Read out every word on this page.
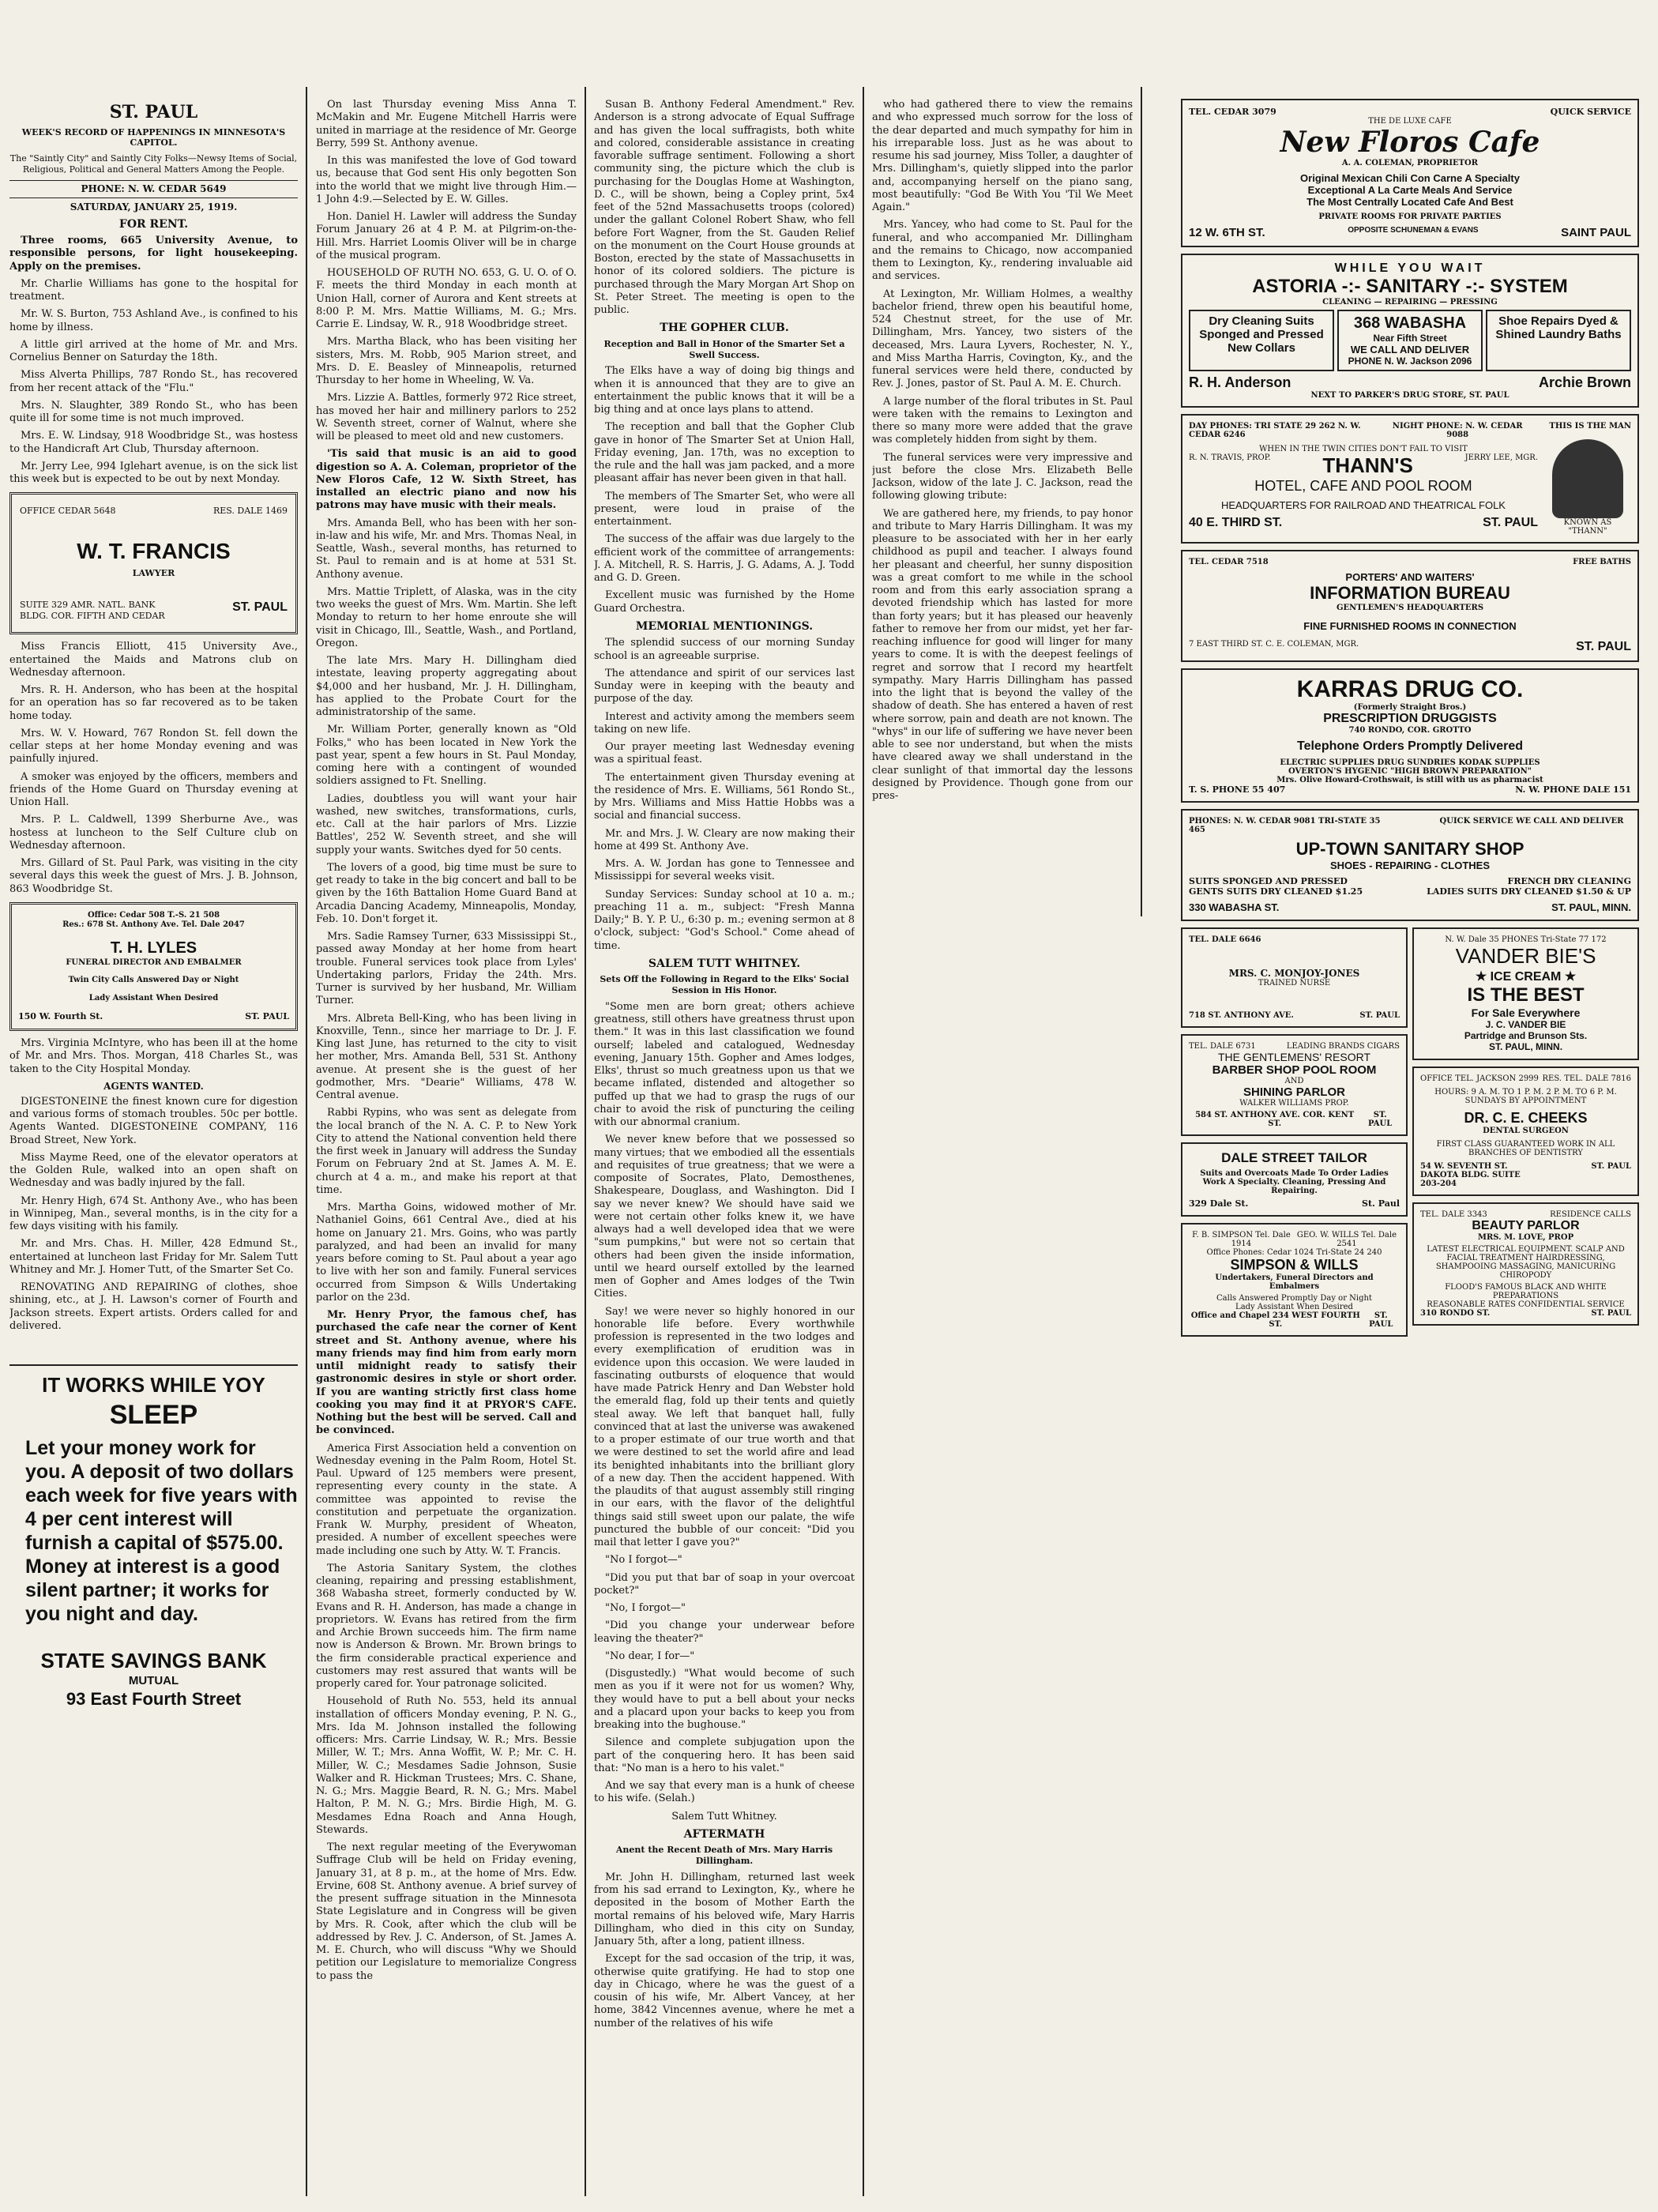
ST. PAUL
WEEK'S RECORD OF HAPPENINGS IN MINNESOTA'S CAPITOL.
The "Saintly City" and Saintly City Folks—Newsy Items of Social, Religious, Political and General Matters Among the People.
PHONE: N. W. CEDAR 5649
SATURDAY, JANUARY 25, 1919.
FOR RENT.

Three rooms, 665 University Avenue, to responsible persons, for light housekeeping. Apply on the premises.

Mr. Charlie Williams has gone to the hospital for treatment.

Mr. W. S. Burton, 753 Ashland Ave., is confined to his home by illness.

A little girl arrived at the home of Mr. and Mrs. Cornelius Benner on Saturday the 18th.

Miss Alverta Phillips, 787 Rondo St., has recovered from her recent attack of the "Flu."

Mrs. N. Slaughter, 389 Rondo St., who has been quite ill for some time is not much improved.

Mrs. E. W. Lindsay, 918 Woodbridge St., was hostess to the Handicraft Art Club, Thursday afternoon.

Mr. Jerry Lee, 994 Iglehart avenue, is on the sick list this week but is expected to be out by next Monday.

OFFICE CEDAR 5648	RES. DALE 1469
W. T. FRANCIS
LAWYER
SUITE 329 AMR. NATL. BANK BLDG. COR. FIFTH AND CEDAR
ST. PAUL

Miss Francis Elliott, 415 University Ave., entertained the Maids and Matrons club on Wednesday afternoon.

Mrs. R. H. Anderson, who has been at the hospital for an operation has so far recovered as to be taken home today.

Mrs. W. V. Howard, 767 Rondon St. fell down the cellar steps at her home Monday evening and was painfully injured.

A smoker was enjoyed by the officers, members and friends of the Home Guard on Thursday evening at Union Hall.

Mrs. P. L. Caldwell, 1399 Sherburne Ave., was hostess at luncheon to the Self Culture club on Wednesday afternoon.

Mrs. Gillard of St. Paul Park, was visiting in the city several days this week the guest of Mrs. J. B. Johnson, 863 Woodbridge St.

Office: Cedar 508 T.-S. 21 508
Res.: 678 St. Anthony Ave. Tel. Dale 2047
T. H. LYLES
FUNERAL DIRECTOR AND EMBALMER
Twin City Calls Answered Day or Night
Lady Assistant When Desired
150 W. Fourth St.	ST. PAUL

Mrs. Virginia McIntyre, who has been ill at the home of Mr. and Mrs. Thos. Morgan, 418 Charles St., was taken to the City Hospital Monday.

AGENTS WANTED.

DIGESTONEINE the finest known cure for digestion and various forms of stomach troubles. 50c per bottle. Agents Wanted. DIGESTONEINE COMPANY, 116 Broad Street, New York.

Miss Mayme Reed, one of the elevator operators at the Golden Rule, walked into an open shaft on Wednesday and was badly injured by the fall.

Mr. Henry High, 674 St. Anthony Ave., who has been in Winnipeg, Man., several months, is in the city for a few days visiting with his family.

Mr. and Mrs. Chas. H. Miller, 428 Edmund St., entertained at luncheon last Friday for Mr. Salem Tutt Whitney and Mr. J. Homer Tutt, of the Smarter Set Co.

RENOVATING AND REPAIRING of clothes, shoe shining, etc., at J. H. Lawson's corner of Fourth and Jackson streets. Expert artists. Orders called for and delivered.

IT WORKS WHILE YOY
SLEEP
Let your money work for you. A deposit of two dollars each week for five years with 4 per cent interest will furnish a capital of $575.00. Money at interest is a good silent partner; it works for you night and day.
STATE SAVINGS BANK
MUTUAL
93 East Fourth Street

On last Thursday evening Miss Anna T. McMakin and Mr. Eugene Mitchell Harris were united in marriage at the residence of Mr. George Berry, 599 St. Anthony avenue.

In this was manifested the love of God toward us, because that God sent His only begotten Son into the world that we might live through Him.—1 John 4:9.—Selected by E. W. Gilles.

Hon. Daniel H. Lawler will address the Sunday Forum January 26 at 4 P. M. at Pilgrim-on-the-Hill. Mrs. Harriet Loomis Oliver will be in charge of the musical program.

HOUSEHOLD OF RUTH NO. 653, G. U. O. of O. F. meets the third Monday in each month at Union Hall, corner of Aurora and Kent streets at 8:00 P. M. Mrs. Mattie Williams, M. G.; Mrs. Carrie E. Lindsay, W. R., 918 Woodbridge street.

Mrs. Martha Black, who has been visiting her sisters, Mrs. M. Robb, 905 Marion street, and Mrs. D. E. Beasley of Minneapolis, returned Thursday to her home in Wheeling, W. Va.

Mrs. Lizzie A. Battles, formerly 972 Rice street, has moved her hair and millinery parlors to 252 W. Seventh street, corner of Walnut, where she will be pleased to meet old and new customers.

'Tis said that music is an aid to good digestion so A. A. Coleman, proprietor of the New Floros Cafe, 12 W. Sixth Street, has installed an electric piano and now his patrons may have music with their meals.

Mrs. Amanda Bell, who has been with her son-in-law and his wife, Mr. and Mrs. Thomas Neal, in Seattle, Wash., several months, has returned to St. Paul to remain and is at home at 531 St. Anthony avenue.

Mrs. Mattie Triplett, of Alaska, was in the city two weeks the guest of Mrs. Wm. Martin. She left Monday to return to her home enroute she will visit in Chicago, Ill., Seattle, Wash., and Portland, Oregon.

The late Mrs. Mary H. Dillingham died intestate, leaving property aggregating about $4,000 and her husband, Mr. J. H. Dillingham, has applied to the Probate Court for the administratorship of the same.

Mr. William Porter, generally known as "Old Folks," who has been located in New York the past year, spent a few hours in St. Paul Monday, coming here with a contingent of wounded soldiers assigned to Ft. Snelling.

Ladies, doubtless you will want your hair washed, new switches, transformations, curls, etc. Call at the hair parlors of Mrs. Lizzie Battles', 252 W. Seventh street, and she will supply your wants. Switches dyed for 50 cents.

The lovers of a good, big time must be sure to get ready to take in the big concert and ball to be given by the 16th Battalion Home Guard Band at Arcadia Dancing Academy, Minneapolis, Monday, Feb. 10. Don't forget it.

Mrs. Sadie Ramsey Turner, 633 Mississippi St., passed away Monday at her home from heart trouble. Funeral services took place from Lyles' Undertaking parlors, Friday the 24th. Mrs. Turner is survived by her husband, Mr. William Turner.

Mrs. Albreta Bell-King, who has been living in Knoxville, Tenn., since her marriage to Dr. J. F. King last June, has returned to the city to visit her mother, Mrs. Amanda Bell, 531 St. Anthony avenue. At present she is the guest of her godmother, Mrs. "Dearie" Williams, 478 W. Central avenue.

Rabbi Rypins, who was sent as delegate from the local branch of the N. A. C. P. to New York City to attend the National convention held there the first week in January will address the Sunday Forum on February 2nd at St. James A. M. E. church at 4 a. m., and make his report at that time.

Mrs. Martha Goins, widowed mother of Mr. Nathaniel Goins, 661 Central Ave., died at his home on January 21. Mrs. Goins, who was partly paralyzed, and had been an invalid for many years before coming to St. Paul about a year ago to live with her son and family. Funeral services occurred from Simpson & Wills Undertaking parlor on the 23d.

Mr. Henry Pryor, the famous chef, has purchased the cafe near the corner of Kent street and St. Anthony avenue, where his many friends may find him from early morn until midnight ready to satisfy their gastronomic desires in style or short order. If you are wanting strictly first class home cooking you may find it at PRYOR'S CAFE. Nothing but the best will be served. Call and be convinced.

America First Association held a convention on Wednesday evening in the Palm Room, Hotel St. Paul. Upward of 125 members were present, representing every county in the state. A committee was appointed to revise the constitution and perpetuate the organization. Frank W. Murphy, president of Wheaton, presided. A number of excellent speeches were made including one such by Atty. W. T. Francis.

The Astoria Sanitary System, the clothes cleaning, repairing and pressing establishment, 368 Wabasha street, formerly conducted by W. Evans and R. H. Anderson, has made a change in proprietors. W. Evans has retired from the firm and Archie Brown succeeds him. The firm name now is Anderson & Brown. Mr. Brown brings to the firm considerable practical experience and customers may rest assured that wants will be properly cared for. Your patronage solicited.

Household of Ruth No. 553, held its annual installation of officers Monday evening, P. N. G., Mrs. Ida M. Johnson installed the following officers: Mrs. Carrie Lindsay, W. R.; Mrs. Bessie Miller, W. T.; Mrs. Anna Woffit, W. P.; Mr. C. H. Miller, W. C.; Mesdames Sadie Johnson, Susie Walker and R. Hickman Trustees; Mrs. C. Shane, N. G.; Mrs. Maggie Beard, R. N. G.; Mrs. Mabel Halton, P. M. N. G.; Mrs. Birdie High, M. G. Mesdames Edna Roach and Anna Hough, Stewards.

The next regular meeting of the Everywoman Suffrage Club will be held on Friday evening, January 31, at 8 p. m., at the home of Mrs. Edw. Ervine, 608 St. Anthony avenue. A brief survey of the present suffrage situation in the Minnesota State Legislature and in Congress will be given by Mrs. R. Cook, after which the club will be addressed by Rev. J. C. Anderson, of St. James A. M. E. Church, who will discuss "Why we Should petition our Legislature to memorialize Congress to pass the

Susan B. Anthony Federal Amendment." Rev. Anderson is a strong advocate of Equal Suffrage and has given the local suffragists, both white and colored, considerable assistance in creating favorable suffrage sentiment. Following a short community sing, the picture which the club is purchasing for the Douglas Home at Washington, D. C., will be shown, being a Copley print, 5x4 feet of the 52nd Massachusetts troops (colored) under the gallant Colonel Robert Shaw, who fell before Fort Wagner, from the St. Gauden Relief on the monument on the Court House grounds at Boston, erected by the state of Massachusetts in honor of its colored soldiers. The picture is purchased through the Mary Morgan Art Shop on St. Peter Street. The meeting is open to the public.

THE GOPHER CLUB.
Reception and Ball in Honor of the Smarter Set a Swell Success.

The Elks have a way of doing big things and when it is announced that they are to give an entertainment the public knows that it will be a big thing and at once lays plans to attend.

The reception and ball that the Gopher Club gave in honor of The Smarter Set at Union Hall, Friday evening, Jan. 17th, was no exception to the rule and the hall was jam packed, and a more pleasant affair has never been given in that hall.

The members of The Smarter Set, who were all present, were loud in praise of the entertainment.

The success of the affair was due largely to the efficient work of the committee of arrangements: J. A. Mitchell, R. S. Harris, J. G. Adams, A. J. Todd and G. D. Green.

Excellent music was furnished by the Home Guard Orchestra.

MEMORIAL MENTIONINGS.

The splendid success of our morning Sunday school is an agreeable surprise.

The attendance and spirit of our services last Sunday were in keeping with the beauty and purpose of the day.

Interest and activity among the members seem taking on new life.

Our prayer meeting last Wednesday evening was a spiritual feast.

The entertainment given Thursday evening at the residence of Mrs. E. Williams, 561 Rondo St., by Mrs. Williams and Miss Hattie Hobbs was a social and financial success.

Mr. and Mrs. J. W. Cleary are now making their home at 499 St. Anthony Ave.

Mrs. A. W. Jordan has gone to Tennessee and Mississippi for several weeks visit.

Sunday Services: Sunday school at 10 a. m.; preaching 11 a. m., subject: "Fresh Manna Daily;" B. Y. P. U., 6:30 p. m.; evening sermon at 8 o'clock, subject: "God's School." Come ahead of time.

SALEM TUTT WHITNEY.
Sets Off the Following in Regard to the Elks' Social Session in His Honor.

"Some men are born great; others achieve greatness, still others have greatness thrust upon them." It was in this last classification we found ourself; labeled and catalogued, Wednesday evening, January 15th. Gopher and Ames lodges, Elks', thrust so much greatness upon us that we became inflated, distended and altogether so puffed up that we had to grasp the rugs of our chair to avoid the risk of puncturing the ceiling with our abnormal cranium.

We never knew before that we possessed so many virtues; that we embodied all the essentials and requisites of true greatness; that we were a composite of Socrates, Plato, Demosthenes, Shakespeare, Douglass, and Washington. Did I say we never knew? We should have said we were not certain other folks knew it, we have always had a well developed idea that we were "sum pumpkins," but were not so certain that others had been given the inside information, until we heard ourself extolled by the learned men of Gopher and Ames lodges of the Twin Cities.

Say! we were never so highly honored in our honorable life before. Every worthwhile profession is represented in the two lodges and every exemplification of erudition was in evidence upon this occasion. We were lauded in fascinating outbursts of eloquence that would have made Patrick Henry and Dan Webster hold the emerald flag, fold up their tents and quietly steal away. We left that banquet hall, fully convinced that at last the universe was awakened to a proper estimate of our true worth and that we were destined to set the world afire and lead its benighted inhabitants into the brilliant glory of a new day. Then the accident happened. With the plaudits of that august assembly still ringing in our ears, with the flavor of the delightful things said still sweet upon our palate, the wife punctured the bubble of our conceit: "Did you mail that letter I gave you?"

"No I forgot—"

"Did you put that bar of soap in your overcoat pocket?"

"No, I forgot—"

"Did you change your underwear before leaving the theater?"

"No dear, I for—"

(Disgustedly.) "What would become of such men as you if it were not for us women? Why, they would have to put a bell about your necks and a placard upon your backs to keep you from breaking into the bughouse."

Silence and complete subjugation upon the part of the conquering hero. It has been said that: "No man is a hero to his valet."

And we say that every man is a hunk of cheese to his wife. (Selah.)

Salem Tutt Whitney.
AFTERMATH
Anent the Recent Death of Mrs. Mary Harris Dillingham.

Mr. John H. Dillingham, returned last week from his sad errand to Lexington, Ky., where he deposited in the bosom of Mother Earth the mortal remains of his beloved wife, Mary Harris Dillingham, who died in this city on Sunday, January 5th, after a long, patient illness.

Except for the sad occasion of the trip, it was, otherwise quite gratifying. He had to stop one day in Chicago, where he was the guest of a cousin of his wife, Mr. Albert Vancey, at her home, 3842 Vincennes avenue, where he met a number of the relatives of his wife

who had gathered there to view the remains and who expressed much sorrow for the loss of the dear departed and much sympathy for him in his irreparable loss. Just as he was about to resume his sad journey, Miss Toller, a daughter of Mrs. Dillingham's, quietly slipped into the parlor and, accompanying herself on the piano sang, most beautifully: "God Be With You 'Til We Meet Again."

Mrs. Yancey, who had come to St. Paul for the funeral, and who accompanied Mr. Dillingham and the remains to Chicago, now accompanied them to Lexington, Ky., rendering invaluable aid and services.

At Lexington, Mr. William Holmes, a wealthy bachelor friend, threw open his beautiful home, 524 Chestnut street, for the use of Mr. Dillingham, Mrs. Yancey, two sisters of the deceased, Mrs. Laura Lyvers, Rochester, N. Y., and Miss Martha Harris, Covington, Ky., and the funeral services were held there, conducted by Rev. J. Jones, pastor of St. Paul A. M. E. Church.

A large number of the floral tributes in St. Paul were taken with the remains to Lexington and there so many more were added that the grave was completely hidden from sight by them.

The funeral services were very impressive and just before the close Mrs. Elizabeth Belle Jackson, widow of the late J. C. Jackson, read the following glowing tribute:

We are gathered here, my friends, to pay honor and tribute to Mary Harris Dillingham. It was my pleasure to be associated with her in her early childhood as pupil and teacher. I always found her pleasant and cheerful, her sunny disposition was a great comfort to me while in the school room and from this early association sprang a devoted friendship which has lasted for more than forty years; but it has pleased our heavenly father to remove her from our midst, yet her far-reaching influence for good will linger for many years to come. It is with the deepest feelings of regret and sorrow that I record my heartfelt sympathy. Mary Harris Dillingham has passed into the light that is beyond the valley of the shadow of death. She has entered a haven of rest where sorrow, pain and death are not known. The "whys" in our life of suffering we have never been able to see nor understand, but when the mists have cleared away we shall understand in the clear sunlight of that immortal day the lessons designed by Providence. Though gone from our pres-

TEL. CEDAR 3079	QUICK SERVICE
THE DE LUXE CAFE
New Floros Cafe
A. A. COLEMAN, PROPRIETOR
Original Mexican Chili Con Carne A Specialty
Exceptional A La Carte Meals And Service
The Most Centrally Located Cafe And Best
PRIVATE ROOMS FOR PRIVATE PARTIES
12 W. 6TH ST.	OPPOSITE SCHUNEMAN & EVANS	SAINT PAUL
WHILE YOU WAIT
ASTORIA -:- SANITARY -:- SYSTEM
CLEANING — REPAIRING — PRESSING
Dry Cleaning Suits Sponged and Pressed New Collars
368 WABASHA
Near Fifth Street
WE CALL AND DELIVER
PHONE N. W. Jackson 2096
Shoe Repairs Dyed & Shined Laundry Baths
R. H. Anderson	Archie Brown
NEXT TO PARKER'S DRUG STORE, ST. PAUL
DAY PHONES: TRI STATE 29 262 N. W. CEDAR 6246
NIGHT PHONE: N. W. CEDAR 9088
THIS IS THE MAN
WHEN IN THE TWIN CITIES DON'T FAIL TO VISIT
R. N. TRAVIS, PROP.	THANN'S	JERRY LEE, MGR.
HOTEL, CAFE AND POOL ROOM
HEADQUARTERS FOR RAILROAD AND THEATRICAL FOLK
40 E. THIRD ST.	ST. PAUL	KNOWN AS "THANN"
TEL. CEDAR 7518	FREE BATHS
PORTERS' AND WAITERS'
INFORMATION BUREAU
GENTLEMEN'S HEADQUARTERS
FINE FURNISHED ROOMS IN CONNECTION
7 EAST THIRD ST. C. E. COLEMAN, MGR.	ST. PAUL
KARRAS DRUG CO.
(Formerly Straight Bros.)
PRESCRIPTION DRUGGISTS
740 RONDO, COR. GROTTO
Telephone Orders Promptly Delivered
ELECTRIC SUPPLIES DRUG SUNDRIES KODAK SUPPLIES
OVERTON'S HYGENIC "HIGH BROWN PREPARATION"
Mrs. Olive Howard-Crothswait, is still with us as pharmacist
T. S. PHONE 55 407	N. W. PHONE DALE 151
PHONES: N. W. CEDAR 9081 TRI-STATE 35 465
QUICK SERVICE WE CALL AND DELIVER
UP-TOWN SANITARY SHOP
SHOES - REPAIRING - CLOTHES
SUITS SPONGED AND PRESSED	FRENCH DRY CLEANING
GENTS SUITS DRY CLEANED $1.25	LADIES SUITS DRY CLEANED $1.50 & UP
330 WABASHA ST.	ST. PAUL, MINN.
TEL. DALE 6646
MRS. C. MONJOY-JONES
TRAINED NURSE
718 ST. ANTHONY AVE.	ST. PAUL
TEL. DALE 6731	LEADING BRANDS CIGARS
THE GENTLEMENS' RESORT
BARBER SHOP POOL ROOM
AND
SHINING PARLOR
WALKER WILLIAMS PROP.
584 ST. ANTHONY AVE. COR. KENT ST.
ST. PAUL
DALE STREET TAILOR
Suits and Overcoats Made To Order Ladies Work A Specialty. Cleaning, Pressing And Repairing.
329 Dale St.	St. Paul
F. B. SIMPSON Tel. Dale 1914
GEO. W. WILLS Tel. Dale 2541
Office Phones: Cedar 1024 Tri-State 24 240
SIMPSON & WILLS
Undertakers, Funeral Directors and Embalmers
Calls Answered Promptly Day or Night
Lady Assistant When Desired
Office and Chapel 234 WEST FOURTH ST.
ST. PAUL
N. W. Dale 35 PHONES Tri-State 77 172
VANDER BIE'S
★ ICE CREAM ★
IS THE BEST
For Sale Everywhere
J. C. VANDER BIE
Partridge and Brunson Sts.
ST. PAUL, MINN.
OFFICE TEL. JACKSON 2999 RES. TEL. DALE 7816
HOURS: 9 A. M. TO 1 P. M. 2 P. M. TO 6 P. M.
SUNDAYS BY APPOINTMENT
DR. C. E. CHEEKS
DENTAL SURGEON
FIRST CLASS GUARANTEED WORK IN ALL BRANCHES OF DENTISTRY
54 W. SEVENTH ST. DAKOTA BLDG. SUITE 203-204
ST. PAUL
TEL. DALE 3343	RESIDENCE CALLS
BEAUTY PARLOR
MRS. M. LOVE, PROP
LATEST ELECTRICAL EQUIPMENT. SCALP AND FACIAL TREATMENT HAIRDRESSING, SHAMPOOING MASSAGING, MANICURING CHIROPODY
FLOOD'S FAMOUS BLACK AND WHITE PREPARATIONS
REASONABLE RATES CONFIDENTIAL SERVICE
310 RONDO ST.	ST. PAUL
